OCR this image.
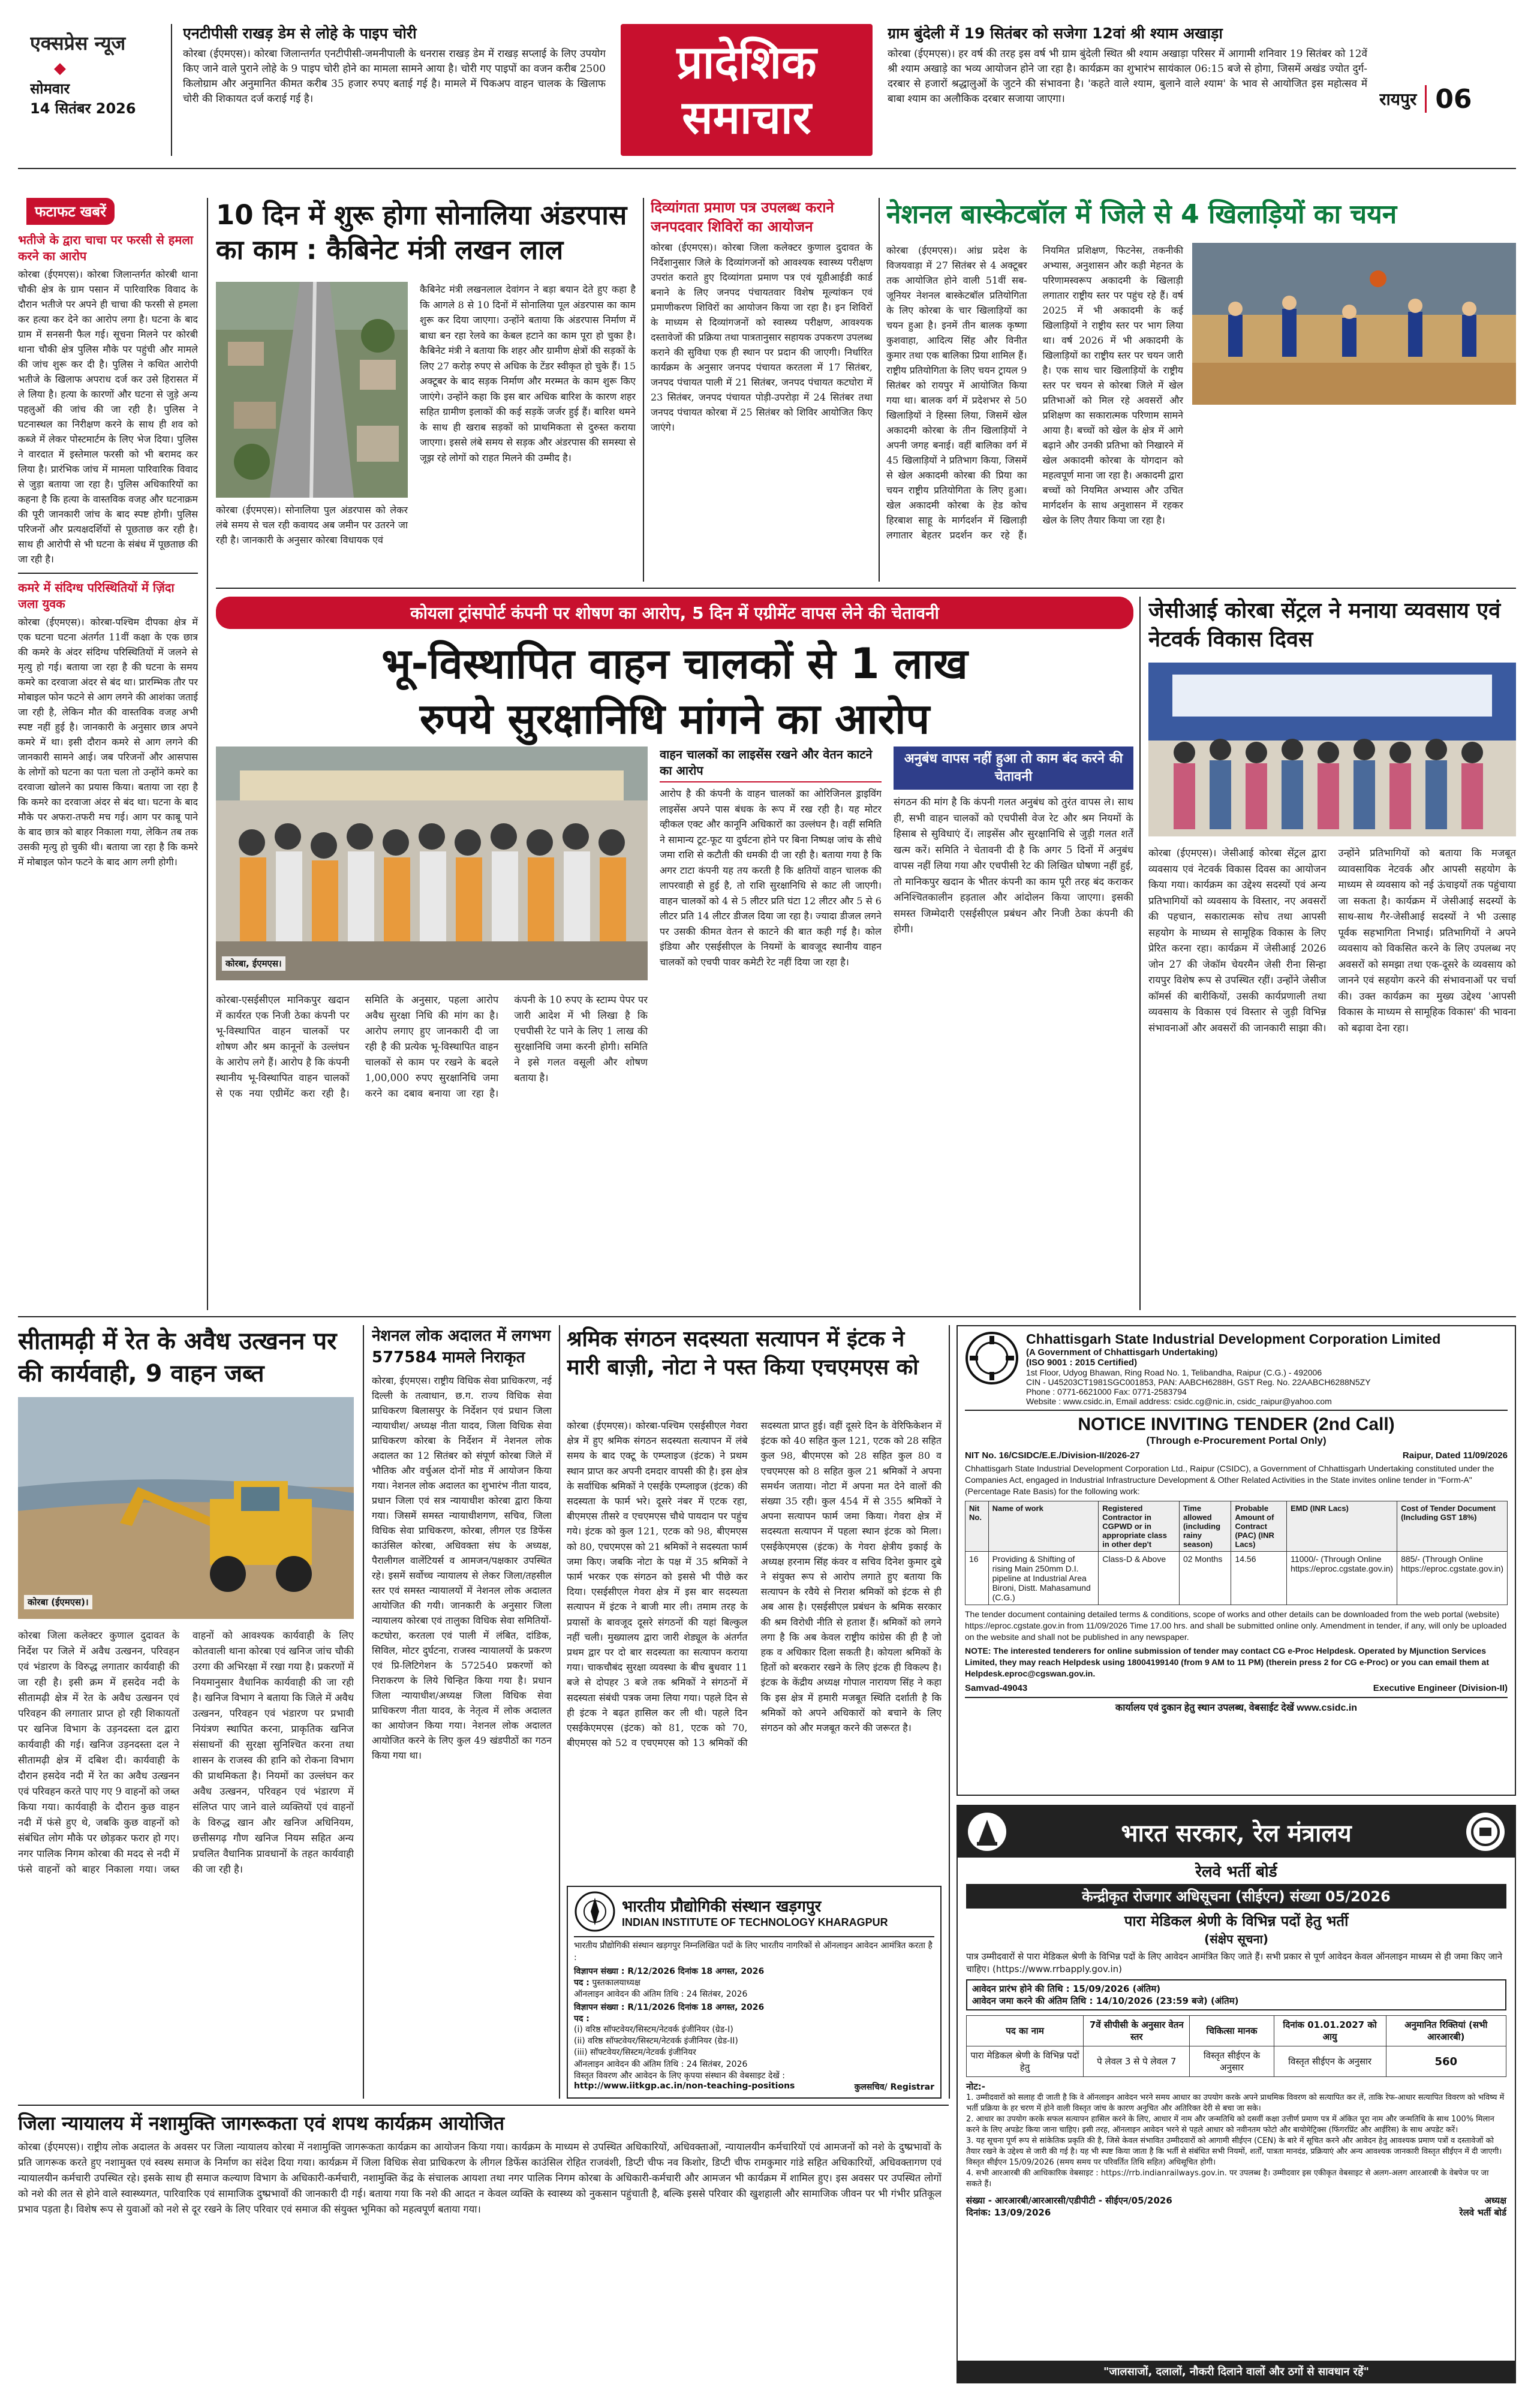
एक्सप्रेस न्यूज
◆
सोमवार
14 सितंबर 2026
एनटीपीसी राखड़ डेम से लोहे के पाइप चोरी
कोरबा (ईएमएस)। कोरबा जिलान्तर्गत एनटीपीसी-जमनीपाली के धनरास राखड़ डेम में राखड़ सप्लाई के लिए उपयोग किए जाने वाले पुराने लोहे के 9 पाइप चोरी होने का मामला सामने आया है। चोरी गए पाइपों का वजन करीब 2500 किलोग्राम और अनुमानित कीमत करीब 35 हजार रुपए बताई गई है। मामले में पिकअप वाहन चालक के खिलाफ चोरी की शिकायत दर्ज कराई गई है।
प्रादेशिक
समाचार
ग्राम बुंदेली में 19 सितंबर को सजेगा 12वां श्री श्याम अखाड़ा
कोरबा (ईएमएस)। हर वर्ष की तरह इस वर्ष भी ग्राम बुंदेली स्थित श्री श्याम अखाड़ा परिसर में आगामी शनिवार 19 सितंबर को 12वें श्री श्याम अखाड़े का भव्य आयोजन होने जा रहा है। कार्यक्रम का शुभारंभ सायंकाल 06:15 बजे से होगा, जिसमें अखंड ज्योत दुर्ग-दरबार से हजारों श्रद्धालुओं के जुटने की संभावना है। 'कहते वाले श्याम, बुलाने वाले श्याम' के भाव से आयोजित इस महोत्सव में बाबा श्याम का अलौकिक दरबार सजाया जाएगा।	रायपुर 06
फटाफट खबरें
भतीजे के द्वारा चाचा पर फरसी से हमला करने का आरोप
कोरबा (ईएमएस)। कोरबा जिलान्तर्गत कोरबी थाना चौकी क्षेत्र के ग्राम पसान में पारिवारिक विवाद के दौरान भतीजे पर अपने ही चाचा की फरसी से हमला कर हत्या कर देने का आरोप लगा है। घटना के बाद ग्राम में सनसनी फैल गई। सूचना मिलने पर कोरबी थाना चौकी क्षेत्र पुलिस मौके पर पहुंची और मामले की जांच शुरू कर दी है। पुलिस ने कथित आरोपी भतीजे के खिलाफ अपराध दर्ज कर उसे हिरासत में ले लिया है। हत्या के कारणों और घटना से जुड़े अन्य पहलुओं की जांच की जा रही है। पुलिस ने घटनास्थल का निरीक्षण करने के साथ ही शव को कब्जे में लेकर पोस्टमार्टम के लिए भेज दिया। पुलिस ने वारदात में इस्तेमाल फरसी को भी बरामद कर लिया है। प्रारंभिक जांच में मामला पारिवारिक विवाद से जुड़ा बताया जा रहा है। पुलिस अधिकारियों का कहना है कि हत्या के वास्तविक वजह और घटनाक्रम की पूरी जानकारी जांच के बाद स्पष्ट होगी। पुलिस परिजनों और प्रत्यक्षदर्शियों से पूछताछ कर रही है। साथ ही आरोपी से भी घटना के संबंध में पूछताछ की जा रही है।
कमरे में संदिग्ध परिस्थितियों में ज़िंदा जला युवक
कोरबा (ईएमएस)। कोरबा-पश्चिम दीपका क्षेत्र में एक घटना घटना अंतर्गत 11वीं कक्षा के एक छात्र की कमरे के अंदर संदिग्ध परिस्थितियों में जलने से मृत्यु हो गई। बताया जा रहा है की घटना के समय कमरे का दरवाजा अंदर से बंद था। प्रारम्भिक तौर पर मोबाइल फोन फटने से आग लगने की आशंका जताई जा रही है, लेकिन मौत की वास्तविक वजह अभी स्पष्ट नहीं हुई है। जानकारी के अनुसार छात्र अपने कमरे में था। इसी दौरान कमरे से आग लगने की जानकारी सामने आई। जब परिजनों और आसपास के लोगों को घटना का पता चला तो उन्होंने कमरे का दरवाजा खोलने का प्रयास किया। बताया जा रहा है कि कमरे का दरवाजा अंदर से बंद था। घटना के बाद मौके पर अफरा-तफरी मच गई। आग पर काबू पाने के बाद छात्र को बाहर निकाला गया, लेकिन तब तक उसकी मृत्यु हो चुकी थी। बताया जा रहा है कि कमरे में मोबाइल फोन फटने के बाद आग लगी होगी।
10 दिन में शुरू होगा सोनालिया अंडरपास का काम : कैबिनेट मंत्री लखन लाल
कोरबा (ईएमएस)। सोनालिया पुल अंडरपास को लेकर लंबे समय से चल रही कवायद अब जमीन पर उतरने जा रही है। जानकारी के अनुसार कोरबा विधायक एवं
कैबिनेट मंत्री लखनलाल देवांगन ने बड़ा बयान देते हुए कहा है कि आगले 8 से 10 दिनों में सोनालिया पूल अंडरपास का काम शुरू कर दिया जाएगा। उन्होंने बताया कि अंडरपास निर्माण में बाधा बन रहा रेलवे का केबल हटाने का काम पूरा हो चुका है। कैबिनेट मंत्री ने बताया कि शहर और ग्रामीण क्षेत्रों की सड़कों के लिए 27 करोड़ रुपए से अधिक के टेंडर स्वीकृत हो चुके हैं। 15 अक्टूबर के बाद सड़क निर्माण और मरम्मत के काम शुरू किए जाएंगे। उन्होंने कहा कि इस बार अधिक बारिश के कारण शहर सहित ग्रामीण इलाकों की कई सड़कें जर्जर हुई हैं। बारिश थमने के साथ ही खराब सड़कों को प्राथमिकता से दुरुस्त कराया जाएगा। इससे लंबे समय से सड़क और अंडरपास की समस्या से जूझ रहे लोगों को राहत मिलने की उम्मीद है।
दिव्यांगता प्रमाण पत्र उपलब्ध कराने जनपदवार शिविरों का आयोजन
कोरबा (ईएमएस)। कोरबा जिला कलेक्टर कुणाल दुदावत के निर्देशानुसार जिले के दिव्यांगजनों को आवश्यक स्वास्थ्य परीक्षण उपरांत कराते हुए दिव्यांगता प्रमाण पत्र एवं यूडीआईडी कार्ड बनाने के लिए जनपद पंचायतवार विशेष मूल्यांकन एवं प्रमाणीकरण शिविरों का आयोजन किया जा रहा है। इन शिविरों के माध्यम से दिव्यांगजनों को स्वास्थ्य परीक्षण, आवश्यक दस्तावेजों की प्रक्रिया तथा पात्रतानुसार सहायक उपकरण उपलब्ध कराने की सुविधा एक ही स्थान पर प्रदान की जाएगी। निर्धारित कार्यक्रम के अनुसार जनपद पंचायत करतला में 17 सितंबर, जनपद पंचायत पाली में 21 सितंबर, जनपद पंचायत कटघोरा में 23 सितंबर, जनपद पंचायत पोड़ी-उपरोड़ा में 24 सितंबर तथा जनपद पंचायत कोरबा में 25 सितंबर को शिविर आयोजित किए जाएंगे।
नेशनल बास्केटबॉल में जिले से 4 खिलाड़ियों का चयन
कोरबा (ईएमएस)। आंध्र प्रदेश के विजयवाड़ा में 27 सितंबर से 4 अक्टूबर तक आयोजित होने वाली 51वीं सब-जूनियर नेशनल बास्केटबॉल प्रतियोगिता के लिए कोरबा के चार खिलाड़ियों का चयन हुआ है। इनमें तीन बालक कृष्णा कुशवाहा, आदित्य सिंह और विनीत कुमार तथा एक बालिका प्रिया शामिल हैं। राष्ट्रीय प्रतियोगिता के लिए चयन ट्रायल 9 सितंबर को रायपुर में आयोजित किया गया था। बालक वर्ग में प्रदेशभर से 50 खिलाड़ियों ने हिस्सा लिया, जिसमें खेल अकादमी कोरबा के तीन खिलाड़ियों ने अपनी जगह बनाई। वहीं बालिका वर्ग में 45 खिलाड़ियों ने प्रतिभाग किया, जिसमें से खेल अकादमी कोरबा की प्रिया का चयन राष्ट्रीय प्रतियोगिता के लिए हुआ। खेल अकादमी कोरबा के हेड कोच हिरबाश साहू के मार्गदर्शन में खिलाड़ी लगातार बेहतर प्रदर्शन कर रहे हैं। नियमित प्रशिक्षण, फिटनेस, तकनीकी अभ्यास, अनुशासन और कड़ी मेहनत के परिणामस्वरूप अकादमी के खिलाड़ी लगातार राष्ट्रीय स्तर पर पहुंच रहे हैं। वर्ष 2025 में भी अकादमी के कई खिलाड़ियों ने राष्ट्रीय स्तर पर भाग लिया था। वर्ष 2026 में भी अकादमी के खिलाड़ियों का राष्ट्रीय स्तर पर चयन जारी है। एक साथ चार खिलाड़ियों के राष्ट्रीय स्तर पर चयन से कोरबा जिले में खेल प्रतिभाओं को मिल रहे अवसरों और प्रशिक्षण का सकारात्मक परिणाम सामने आया है। बच्चों को खेल के क्षेत्र में आगे बढ़ाने और उनकी प्रतिभा को निखारने में खेल अकादमी कोरबा के योगदान को महत्वपूर्ण माना जा रहा है। अकादमी द्वारा बच्चों को नियमित अभ्यास और उचित मार्गदर्शन के साथ अनुशासन में रहकर खेल के लिए तैयार किया जा रहा है।
कोयला ट्रांसपोर्ट कंपनी पर शोषण का आरोप, 5 दिन में एग्रीमेंट वापस लेने की चेतावनी
भू-विस्थापित वाहन चालकों से 1 लाख
रुपये सुरक्षानिधि मांगने का आरोप
कोरबा, ईएमएस।
कोरबा-एसईसीएल मानिकपुर खदान में कार्यरत एक निजी ठेका कंपनी पर भू-विस्थापित वाहन चालकों पर शोषण और श्रम कानूनों के उल्लंघन के आरोप लगे हैं। आरोप है कि कंपनी स्थानीय भू-विस्थापित वाहन चालकों से एक नया एग्रीमेंट करा रही है। समिति के अनुसार, पहला आरोप अवैध सुरक्षा निधि की मांग का है। आरोप लगाए हुए जानकारी दी जा रही है की प्रत्येक भू-विस्थापित वाहन चालकों से काम पर रखने के बदले 1,00,000 रुपए सुरक्षानिधि जमा करने का दबाव बनाया जा रहा है। कंपनी के 10 रुपए के स्टाम्प पेपर पर जारी आदेश में भी लिखा है कि एचपीसी रेट पाने के लिए 1 लाख की सुरक्षानिधि जमा करनी होगी। समिति ने इसे गलत वसूली और शोषण बताया है।
वाहन चालकों का लाइसेंस रखने और वेतन काटने का आरोप
आरोप है की कंपनी के वाहन चालकों का ओरिजिनल ड्राइविंग लाइसेंस अपने पास बंधक के रूप में रख रही है। यह मोटर व्हीकल एक्ट और कानूनि अधिकारों का उल्लंघन है। वहीं समिति ने सामान्य टूट-फूट या दुर्घटना होने पर बिना निष्पक्ष जांच के सीधे जमा राशि से कटौती की धमकी दी जा रही है। बताया गया है कि अगर टाटा कंपनी यह तय करती है कि क्षतियों वाहन चालक की लापरवाही से हुई है, तो राशि सुरक्षानिधि से काट ली जाएगी। वाहन चालकों को 4 से 5 लीटर प्रति घंटा 12 लीटर और 5 से 6 लीटर प्रति 14 लीटर डीजल दिया जा रहा है। ज्यादा डीजल लगने पर उसकी कीमत वेतन से काटने की बात कही गई है। कोल इंडिया और एसईसीएल के नियमों के बावजूद स्थानीय वाहन चालकों को एचपी पावर कमेटी रेट नहीं दिया जा रहा है।
अनुबंध वापस नहीं हुआ तो काम बंद करने की चेतावनी
संगठन की मांग है कि कंपनी गलत अनुबंध को तुरंत वापस ले। साथ ही, सभी वाहन चालकों को एचपीसी वेज रेट और श्रम नियमों के हिसाब से सुविधाएं दें। लाइसेंस और सुरक्षानिधि से जुड़ी गलत शर्तें खत्म करें। समिति ने चेतावनी दी है कि अगर 5 दिनों में अनुबंध वापस नहीं लिया गया और एचपीसी रेट की लिखित घोषणा नहीं हुई, तो मानिकपुर खदान के भीतर कंपनी का काम पूरी तरह बंद कराकर अनिश्चितकालीन हड़ताल और आंदोलन किया जाएगा। इसकी समस्त जिम्मेदारी एसईसीएल प्रबंधन और निजी ठेका कंपनी की होगी।
जेसीआई कोरबा सेंट्रल ने मनाया व्यवसाय एवं नेटवर्क विकास दिवस
कोरबा (ईएमएस)। जेसीआई कोरबा सेंट्रल द्वारा व्यवसाय एवं नेटवर्क विकास दिवस का आयोजन किया गया। कार्यक्रम का उद्देश्य सदस्यों एवं अन्य प्रतिभागियों को व्यवसाय के विस्तार, नए अवसरों की पहचान, सकारात्मक सोच तथा आपसी सहयोग के माध्यम से सामूहिक विकास के लिए प्रेरित करना रहा। कार्यक्रम में जेसीआई 2026 जोन 27 की जेकॉम चेयरमैन जेसी रीना सिन्हा रायपुर विशेष रूप से उपस्थित रहीं। उन्होंने जेसीज कॉमर्स की बारीकियों, उसकी कार्यप्रणाली तथा व्यवसाय के विकास एवं विस्तार से जुड़ी विभिन्न संभावनाओं और अवसरों की जानकारी साझा की। उन्होंने प्रतिभागियों को बताया कि मजबूत व्यावसायिक नेटवर्क और आपसी सहयोग के माध्यम से व्यवसाय को नई ऊंचाइयों तक पहुंचाया जा सकता है। कार्यक्रम में जेसीआई सदस्यों के साथ-साथ गैर-जेसीआई सदस्यों ने भी उत्साह पूर्वक सहभागिता निभाई। प्रतिभागियों ने अपने व्यवसाय को विकसित करने के लिए उपलब्ध नए अवसरों को समझा तथा एक-दूसरे के व्यवसाय को जानने एवं सहयोग करने की संभावनाओं पर चर्चा की। उक्त कार्यक्रम का मुख्य उद्देश्य 'आपसी विकास के माध्यम से सामूहिक विकास' की भावना को बढ़ावा देना रहा।
सीतामढ़ी में रेत के अवैध उत्खनन पर की कार्यवाही, 9 वाहन जब्त
कोरबा (ईएमएस)।
कोरबा जिला कलेक्टर कुणाल दुदावत के निर्देश पर जिले में अवैध उत्खनन, परिवहन एवं भंडारण के विरुद्ध लगातार कार्यवाही की जा रही है। इसी क्रम में हसदेव नदी के सीतामढ़ी क्षेत्र में रेत के अवैध उत्खनन एवं परिवहन की लगातार प्राप्त हो रही शिकायतों पर खनिज विभाग के उड़नदस्ता दल द्वारा कार्यवाही की गई। खनिज उड़नदस्ता दल ने सीतामढ़ी क्षेत्र में दबिश दी। कार्यवाही के दौरान हसदेव नदी में रेत का अवैध उत्खनन एवं परिवहन करते पाए गए 9 वाहनों को जब्त किया गया। कार्यवाही के दौरान कुछ वाहन नदी में फंसे हुए थे, जबकि कुछ वाहनों को संबंधित लोग मौके पर छोड़कर फरार हो गए। नगर पालिक निगम कोरबा की मदद से नदी में फंसे वाहनों को बाहर निकाला गया। जब्त वाहनों को आवश्यक कार्यवाही के लिए कोतवाली थाना कोरबा एवं खनिज जांच चौकी उरगा की अभिरक्षा में रखा गया है। प्रकरणों में नियमानुसार वैधानिक कार्यवाही की जा रही है। खनिज विभाग ने बताया कि जिले में अवैध उत्खनन, परिवहन एवं भंडारण पर प्रभावी नियंत्रण स्थापित करना, प्राकृतिक खनिज संसाधनों की सुरक्षा सुनिश्चित करना तथा शासन के राजस्व की हानि को रोकना विभाग की प्राथमिकता है। नियमों का उल्लंघन कर अवैध उत्खनन, परिवहन एवं भंडारण में संलिप्त पाए जाने वाले व्यक्तियों एवं वाहनों के विरुद्ध खान और खनिज अधिनियम, छत्तीसगढ़ गौण खनिज नियम सहित अन्य प्रचलित वैधानिक प्रावधानों के तहत कार्यवाही की जा रही है।
नेशनल लोक अदालत में लगभग 577584 मामले निराकृत
कोरबा, ईएमएस। राष्ट्रीय विधिक सेवा प्राधिकरण, नई दिल्ली के तत्वाधान, छ.ग. राज्य विधिक सेवा प्राधिकरण बिलासपुर के निर्देशन एवं प्रधान जिला न्यायाधीश/ अध्यक्ष नीता यादव, जिला विधिक सेवा प्राधिकरण कोरबा के निर्देशन में नेशनल लोक अदालत का 12 सितंबर को संपूर्ण कोरबा जिले में भौतिक और वर्चुअल दोनों मोड में आयोजन किया गया। नेशनल लोक अदालत का शुभारंभ नीता यादव, प्रधान जिला एवं सत्र न्यायाधीश कोरबा द्वारा किया गया। जिसमें समस्त न्यायाधीशगण, सचिव, जिला विधिक सेवा प्राधिकरण, कोरबा, लीगल एड डिफेंस काउंसिल कोरबा, अधिवक्ता संघ के अध्यक्ष, पैरालीगल वालेंटियर्स व आमजन/पक्षकार उपस्थित रहे। इसमें सर्वोच्च न्यायालय से लेकर जिला/तहसील स्तर एवं समस्त न्यायालयों में नेशनल लोक अदालत आयोजित की गयी। जानकारी के अनुसार जिला न्यायालय कोरबा एवं तालुका विधिक सेवा समितियों-कटघोरा, करतला एवं पाली में लंबित, दांडिक, सिविल, मोटर दुर्घटना, राजस्व न्यायालयों के प्रकरण एवं प्रि-लिटिगेशन के 572540 प्रकरणों को निराकरण के लिये चिन्हित किया गया है। प्रधान जिला न्यायाधीश/अध्यक्ष जिला विधिक सेवा प्राधिकरण नीता यादव, के नेतृत्व में लोक अदालत का आयोजन किया गया। नेशनल लोक अदालत आयोजित करने के लिए कुल 49 खंडपीठों का गठन किया गया था।
श्रमिक संगठन सदस्यता सत्यापन में इंटक ने मारी बाज़ी, नोटा ने पस्त किया एचएमएस को
कोरबा (ईएमएस)। कोरबा-पश्चिम एसईसीएल गेवरा क्षेत्र में हुए श्रमिक संगठन सदस्यता सत्यापन में लंबे समय के बाद एक्टू के एम्प्लाइज (इंटक) ने प्रथम स्थान प्राप्त कर अपनी दमदार वापसी की है। इस क्षेत्र के सर्वाधिक श्रमिकों ने एसईके एम्प्लाइज (इंटक) की सदस्यता के फार्म भरे। दूसरे नंबर में एटक रहा, बीएमएस तीसरे व एचएमएस चौथे पायदान पर पहुंच गये। इंटक को कुल 121, एटक को 98, बीएमएस को 80, एचएमएस को 21 श्रमिकों ने सदस्यता फार्म जमा किए। जबकि नोटा के पक्ष में 35 श्रमिकों ने फार्म भरकर एक संगठन को इससे भी पीछे कर दिया। एसईसीएल गेवरा क्षेत्र में इस बार सदस्यता सत्यापन में इंटक ने बाजी मार ली। तमाम तरह के प्रयासों के बावजूद दूसरे संगठनों की यहां बिल्कुल नहीं चली। मुख्यालय द्वारा जारी शेड्यूल के अंतर्गत प्रथम द्वार पर दो बार सदस्यता का सत्यापन कराया गया। चाकचौबंद सुरक्षा व्यवस्था के बीच बुधवार 11 बजे से दोपहर 3 बजे तक श्रमिकों ने संगठनों में सदस्यता संबंधी पत्रक जमा लिया गया। पहले दिन से ही इंटक ने बढ़त हासिल कर ली थी। पहले दिन एसईकेएमएस (इंटक) को 81, एटक को 70, बीएमएस को 52 व एचएमएस को 13 श्रमिकों की सदस्यता प्राप्त हुई। वहीं दूसरे दिन के वेरिफिकेशन में इंटक को 40 सहित कुल 121, एटक को 28 सहित कुल 98, बीएमएस को 28 सहित कुल 80 व एचएमएस को 8 सहित कुल 21 श्रमिकों ने अपना समर्थन जताया। नोटा में अपना मत देने वालों की संख्या 35 रही। कुल 454 में से 355 श्रमिकों ने अपना सत्यापन फार्म जमा किया। गेवरा क्षेत्र में सदस्यता सत्यापन में पहला स्थान इंटक को मिला। एसईकेएमएस (इंटक) के गेवरा क्षेत्रीय इकाई के अध्यक्ष हरनाम सिंह कंवर व सचिव दिनेश कुमार दुबे ने संयुक्त रूप से आरोप लगाते हुए बताया कि सत्यापन के रवैये से निराश श्रमिकों को इंटक से ही अब आस है। एसईसीएल प्रबंधन के श्रमिक सरकार की श्रम विरोधी नीति से हताश हैं। श्रमिकों को लगने लगा है कि अब केवल राष्ट्रीय कांग्रेस की ही है जो हक व अधिकार दिला सकती है। कोयला श्रमिकों के हितों को बरकरार रखने के लिए इंटक ही विकल्प है। इंटक के केंद्रीय अध्यक्ष गोपाल नारायण सिंह ने कहा कि इस क्षेत्र में हमारी मजबूत स्थिति दर्शाती है कि श्रमिकों को अपने अधिकारों को बचाने के लिए संगठन को और मजबूत करने की जरूरत है।
भारतीय प्रौद्योगिकी संस्थान खड़गपुर
INDIAN INSTITUTE OF TECHNOLOGY KHARAGPUR
भारतीय प्रौद्योगिकी संस्थान खड़गपुर निम्नलिखित पदों के लिए भारतीय नागरिकों से ऑनलाइन आवेदन आमंत्रित करता है :
विज्ञापन संख्या : R/12/2026 दिनांक 18 अगस्त, 2026
पद : पुस्तकालयाध्यक्ष
ऑनलाइन आवेदन की अंतिम तिथि : 24 सितंबर, 2026
विज्ञापन संख्या : R/11/2026 दिनांक 18 अगस्त, 2026
पद :
(i) वरिष्ठ सॉफ्टवेयर/सिस्टम/नेटवर्क इंजीनियर (ग्रेड-I)
(ii) वरिष्ठ सॉफ्टवेयर/सिस्टम/नेटवर्क इंजीनियर (ग्रेड-II)
(iii) सॉफ्टवेयर/सिस्टम/नेटवर्क इंजीनियर
ऑनलाइन आवेदन की अंतिम तिथि : 24 सितंबर, 2026
विस्तृत विवरण और आवेदन के लिए कृपया संस्थान की वेबसाइट देखें :
http://www.iitkgp.ac.in/non-teaching-positions	कुलसचिव/ Registrar
Chhattisgarh State Industrial Development Corporation Limited
(A Government of Chhattisgarh Undertaking)
(ISO 9001 : 2015 Certified)
1st Floor, Udyog Bhawan, Ring Road No. 1, Telibandha, Raipur (C.G.) - 492006
CIN - U45203CT1981SGC001853, PAN: AABCH6288H, GST Reg. No. 22AABCH6288N5ZY
Phone : 0771-6621000 Fax: 0771-2583794
Website : www.csidc.in, Email address: csidc.cg@nic.in, csidc_raipur@yahoo.com
NOTICE INVITING TENDER (2nd Call)
(Through e-Procurement Portal Only)
NIT No. 16/CSIDC/E.E./Division-II/2026-27	Raipur, Dated 11/09/2026
Chhattisgarh State Industrial Development Corporation Ltd., Raipur (CSIDC), a Government of Chhattisgarh Undertaking constituted under the Companies Act, engaged in Industrial Infrastructure Development & Other Related Activities in the State invites online tender in "Form-A" (Percentage Rate Basis) for the following work:
Nit No.	Name of work	Registered Contractor in CGPWD or in appropriate class in other dep't	Time allowed (including rainy season)	Probable Amount of Contract (PAC) (INR Lacs)	EMD (INR Lacs)	Cost of Tender Document (Including GST 18%)
16	Providing & Shifting of rising Main 250mm D.I. pipeline at Industrial Area Bironi, Distt. Mahasamund (C.G.)	Class-D & Above	02 Months	14.56	11000/- (Through Online https://eproc.cgstate.gov.in)	885/- (Through Online https://eproc.cgstate.gov.in)
The tender document containing detailed terms & conditions, scope of works and other details can be downloaded from the web portal (website) https://eproc.cgstate.gov.in from 11/09/2026 Time 17.00 hrs. and shall be submitted online only. Amendment in tender, if any, will only be uploaded on the website and shall not be published in any newspaper.
NOTE: The interested tenderers for online submission of tender may contact CG e-Proc Helpdesk. Operated by Mjunction Services Limited, they may reach Helpdesk using 18004199140 (from 9 AM to 11 PM) (therein press 2 for CG e-Proc) or you can email them at Helpdesk.eproc@cgswan.gov.in.
Samvad-49043	Executive Engineer (Division-II)
कार्यालय एवं दुकान हेतु स्थान उपलब्ध, वेबसाईट देखें www.csidc.in
भारत सरकार, रेल मंत्रालय
रेलवे भर्ती बोर्ड
केन्द्रीकृत रोजगार अधिसूचना (सीईएन) संख्या 05/2026
पारा मेडिकल श्रेणी के विभिन्न पदों हेतु भर्ती
(संक्षेप सूचना)
पात्र उम्मीदवारों से पारा मेडिकल श्रेणी के विभिन्न पदों के लिए आवेदन आमंत्रित किए जाते हैं। सभी प्रकार से पूर्ण आवेदन केवल ऑनलाइन माध्यम से ही जमा किए जाने चाहिए। (https://www.rrbapply.gov.in)
आवेदन प्रारंभ होने की तिथि : 15/09/2026 (अंतिम)
आवेदन जमा करने की अंतिम तिथि : 14/10/2026 (23:59 बजे) (अंतिम)
पद का नाम	7वें सीपीसी के अनुसार वेतन स्तर	चिकित्सा मानक	दिनांक 01.01.2027 को आयु	अनुमानित रिक्तियां (सभी आरआरबी)
पारा मेडिकल श्रेणी के विभिन्न पदों हेतु	पे लेवल 3 से पे लेवल 7	विस्तृत सीईएन के अनुसार	विस्तृत सीईएन के अनुसार	560
नोट:-
1. उम्मीदवारों को सलाह दी जाती है कि वे ऑनलाइन आवेदन भरने समय आधार का उपयोग करके अपने प्राथमिक विवरण को सत्यापित कर लें, ताकि रेफ-आधार सत्यापित विवरण को भविष्य में भर्ती प्रक्रिया के हर चरण में होने वाली विस्तृत जांच के कारण अनुचित और अतिरिक्त देरी से बचा जा सके।
2. आधार का उपयोग करके सफल सत्यापन हासिल करने के लिए, आधार में नाम और जन्मतिथि को दसवीं कक्षा उत्तीर्ण प्रमाण पत्र में अंकित पूरा नाम और जन्मतिथि के साथ 100% मिलान करने के लिए अपडेट किया जाना चाहिए। इसी तरह, ऑनलाइन आवेदन भरने से पहले आधार को नवीनतम फोटो और बायोमेट्रिक्स (फिंगरप्रिंट और आईरिस) के साथ अपडेट करें।
3. यह सूचना पूर्ण रूप से सांकेतिक प्रकृति की है, जिसे केवल संभावित उम्मीदवारों को आगामी सीईएन (CEN) के बारे में सूचित करने और आवेदन हेतु आवश्यक प्रमाण पत्रों व दस्तावेजों को तैयार रखने के उद्देश्य से जारी की गई है। यह भी स्पष्ट किया जाता है कि भर्ती से संबंधित सभी नियमों, शर्तों, पात्रता मानदंड, प्रक्रियाएं और अन्य आवश्यक जानकारी विस्तृत सीईएन में दी जाएगी। विस्तृत सीईएन 15/09/2026 (समय समय पर परिवर्तित तिथि सहित) अधिसूचित होगी।
4. सभी आरआरबी की आधिकारिक वेबसाइट : https://rrb.indianrailways.gov.in. पर उपलब्ध है। उम्मीदवार इस एकीकृत वेबसाइट से अलग-अलग आरआरबी के वेबपेज पर जा सकते हैं।
संख्या - आरआरबी/आरआरसी/एडीपीटी - सीईएन/05/2026
दिनांक: 13/09/2026
अध्यक्ष
रेलवे भर्ती बोर्ड
"जालसाजों, दलालों, नौकरी दिलाने वालों और ठगों से सावधान रहें"
जिला न्यायालय में नशामुक्ति जागरूकता एवं शपथ कार्यक्रम आयोजित
कोरबा (ईएमएस)। राष्ट्रीय लोक अदालत के अवसर पर जिला न्यायालय कोरबा में नशामुक्ति जागरूकता कार्यक्रम का आयोजन किया गया। कार्यक्रम के माध्यम से उपस्थित अधिकारियों, अधिवक्ताओं, न्यायालयीन कर्मचारियों एवं आमजनों को नशे के दुष्प्रभावों के प्रति जागरूक करते हुए नशामुक्त एवं स्वस्थ समाज के निर्माण का संदेश दिया गया। कार्यक्रम में जिला विधिक सेवा प्राधिकरण के लीगल डिफेंस काउंसिल रोहित राजवंशी, डिप्टी चीफ नव किशोर, डिप्टी चीफ रामकुमार गांडे सहित अधिकारियों, अधिवक्तागण एवं न्यायालयीन कर्मचारी उपस्थित रहे। इसके साथ ही समाज कल्याण विभाग के अधिकारी-कर्मचारी, नशामुक्ति केंद्र के संचालक आयशा तथा नगर पालिक निगम कोरबा के अधिकारी-कर्मचारी और आमजन भी कार्यक्रम में शामिल हुए। इस अवसर पर उपस्थित लोगों को नशे की लत से होने वाले स्वास्थ्यगत, पारिवारिक एवं सामाजिक दुष्प्रभावों की जानकारी दी गई। बताया गया कि नशे की आदत न केवल व्यक्ति के स्वास्थ्य को नुकसान पहुंचाती है, बल्कि इससे परिवार की खुशहाली और सामाजिक जीवन पर भी गंभीर प्रतिकूल प्रभाव पड़ता है। विशेष रूप से युवाओं को नशे से दूर रखने के लिए परिवार एवं समाज की संयुक्त भूमिका को महत्वपूर्ण बताया गया।
